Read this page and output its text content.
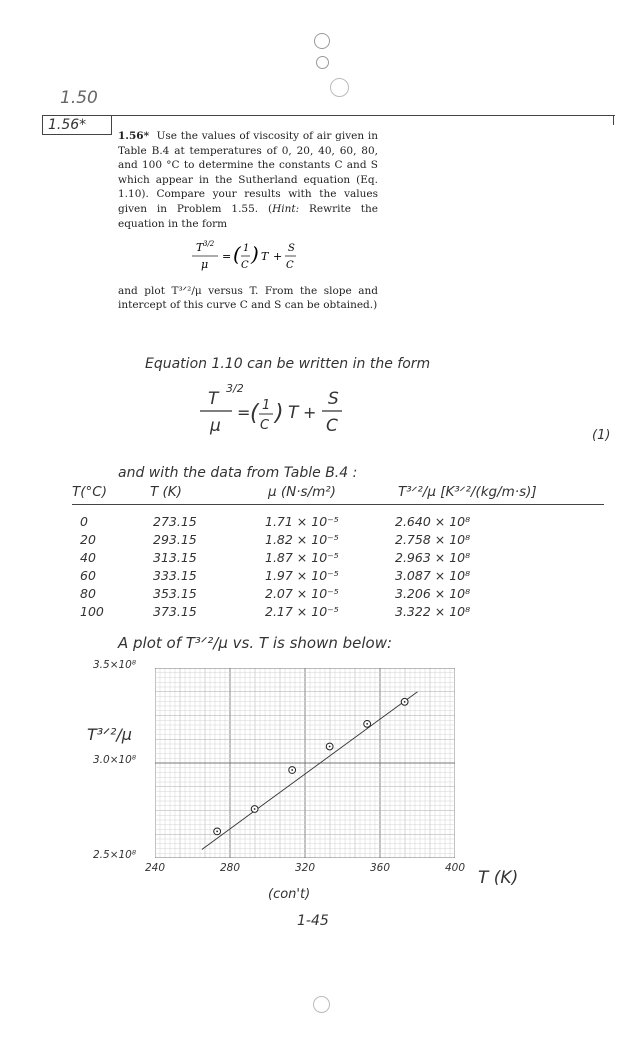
1.50
1.56*

1.56* Use the values of viscosity of air given in Table B.4 at temperatures of 0, 20, 40, 60, 80, and 100 °C to determine the constants C and S which appear in the Sutherland equation (Eq. 1.10). Compare your results with the values given in Problem 1.55. (Hint: Rewrite the equation in the form

T 3/2
μ
= ( 1
C ) T +
S
C

and plot T³ᐟ²/μ versus T. From the slope and intercept of this curve C and S can be obtained.)

Equation 1.10 can be written in the form
T
3/2
μ
= ( 1
C ) T +
S
C	(1)
and with the data from Table B.4 :
T(°C)	T (K)	μ (N·s/m²)	T³ᐟ²/μ [K³ᐟ²/(kg/m·s)]
0	273.15	1.71 × 10⁻⁵	2.640 × 10⁸
20	293.15	1.82 × 10⁻⁵	2.758 × 10⁸
40	313.15	1.87 × 10⁻⁵	2.963 × 10⁸
60	333.15	1.97 × 10⁻⁵	3.087 × 10⁸
80	353.15	2.07 × 10⁻⁵	3.206 × 10⁸
100	373.15	2.17 × 10⁻⁵	3.322 × 10⁸
A plot of T³ᐟ²/μ vs. T is shown below:
240	280	320	360	400
2.5×10⁸
3.0×10⁸
3.5×10⁸
T³ᐟ²/μ
T (K)
(con't)
1-45
